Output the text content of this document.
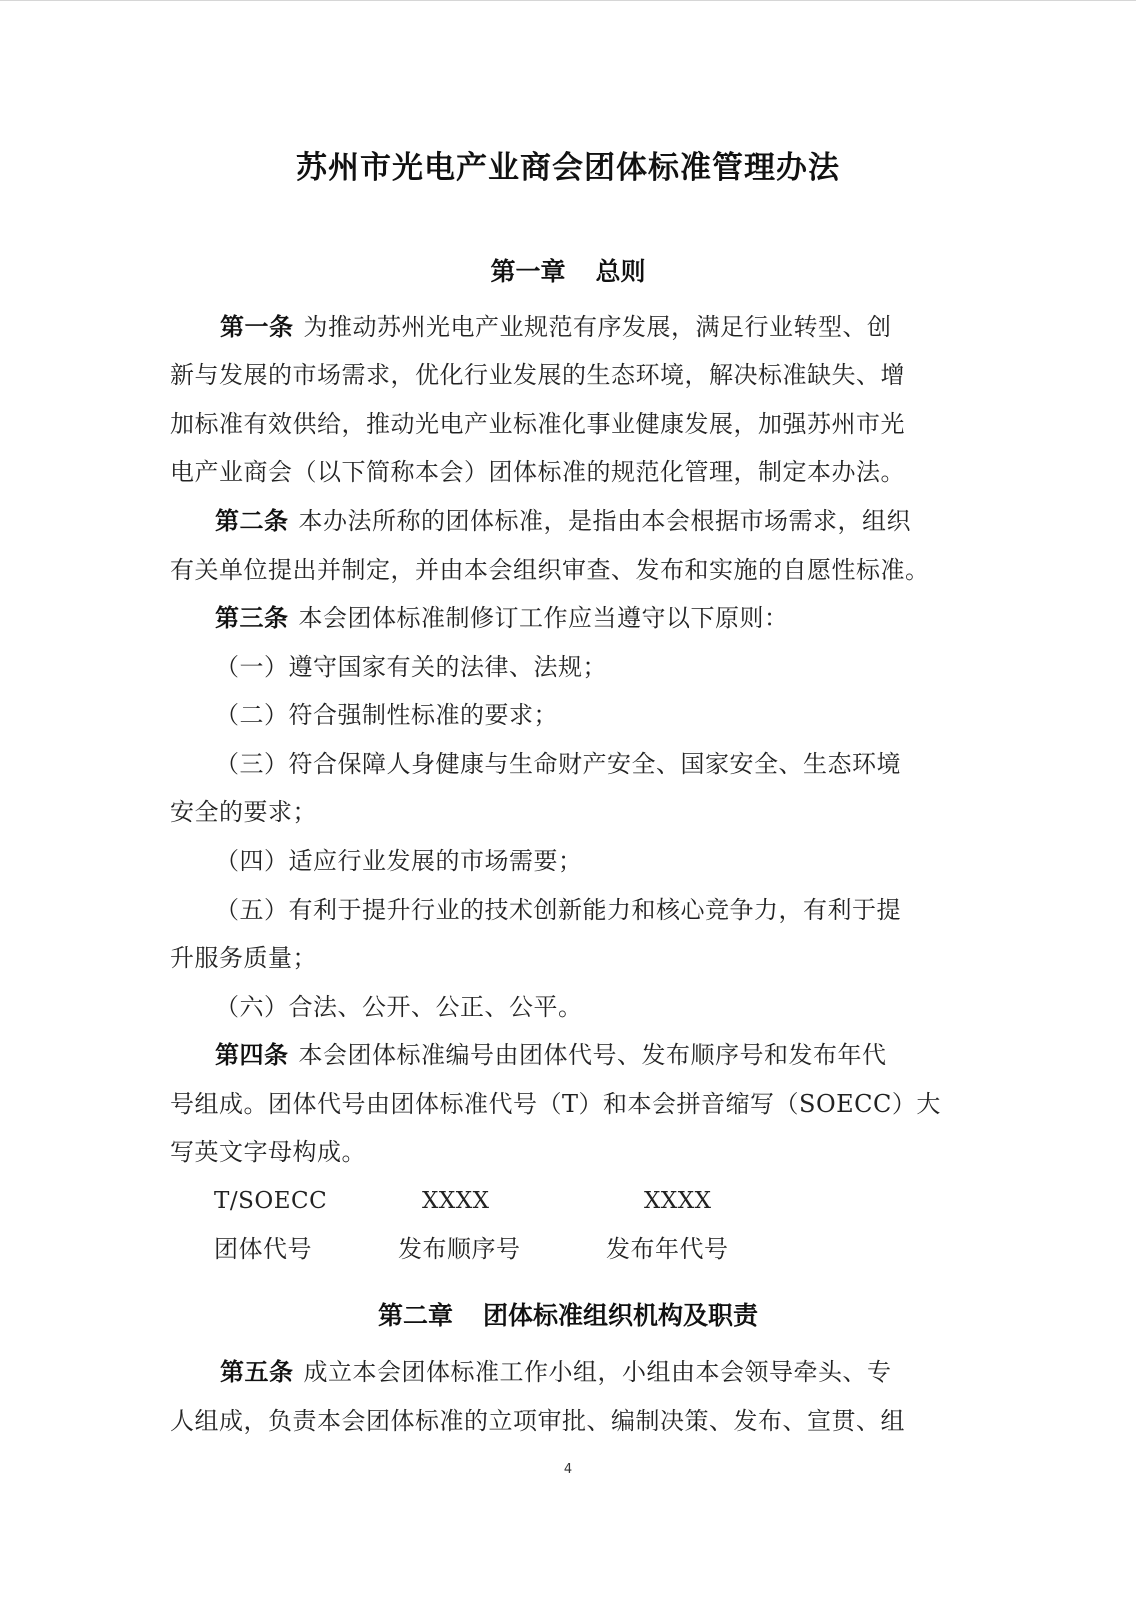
苏州市光电产业商会团体标准管理办法
第一章 总则
第一条 为推动苏州光电产业规范有序发展，满足行业转型、创
新与发展的市场需求，优化行业发展的生态环境，解决标准缺失、增
加标准有效供给，推动光电产业标准化事业健康发展，加强苏州市光
电产业商会（以下简称本会）团体标准的规范化管理，制定本办法。
第二条 本办法所称的团体标准，是指由本会根据市场需求，组织
有关单位提出并制定，并由本会组织审查、发布和实施的自愿性标准。
第三条 本会团体标准制修订工作应当遵守以下原则：
（一）遵守国家有关的法律、法规；
（二）符合强制性标准的要求；
（三）符合保障人身健康与生命财产安全、国家安全、生态环境
安全的要求；
（四）适应行业发展的市场需要；
（五）有利于提升行业的技术创新能力和核心竞争力，有利于提
升服务质量；
（六）合法、公开、公正、公平。
第四条 本会团体标准编号由团体代号、发布顺序号和发布年代
号组成。团体代号由团体标准代号（T）和本会拼音缩写（SOECC）大
写英文字母构成。
T/SOECC	XXXX	XXXX
团体代号	发布顺序号	发布年代号
第二章 团体标准组织机构及职责
第五条 成立本会团体标准工作小组，小组由本会领导牵头、专
人组成，负责本会团体标准的立项审批、编制决策、发布、宣贯、组
4
